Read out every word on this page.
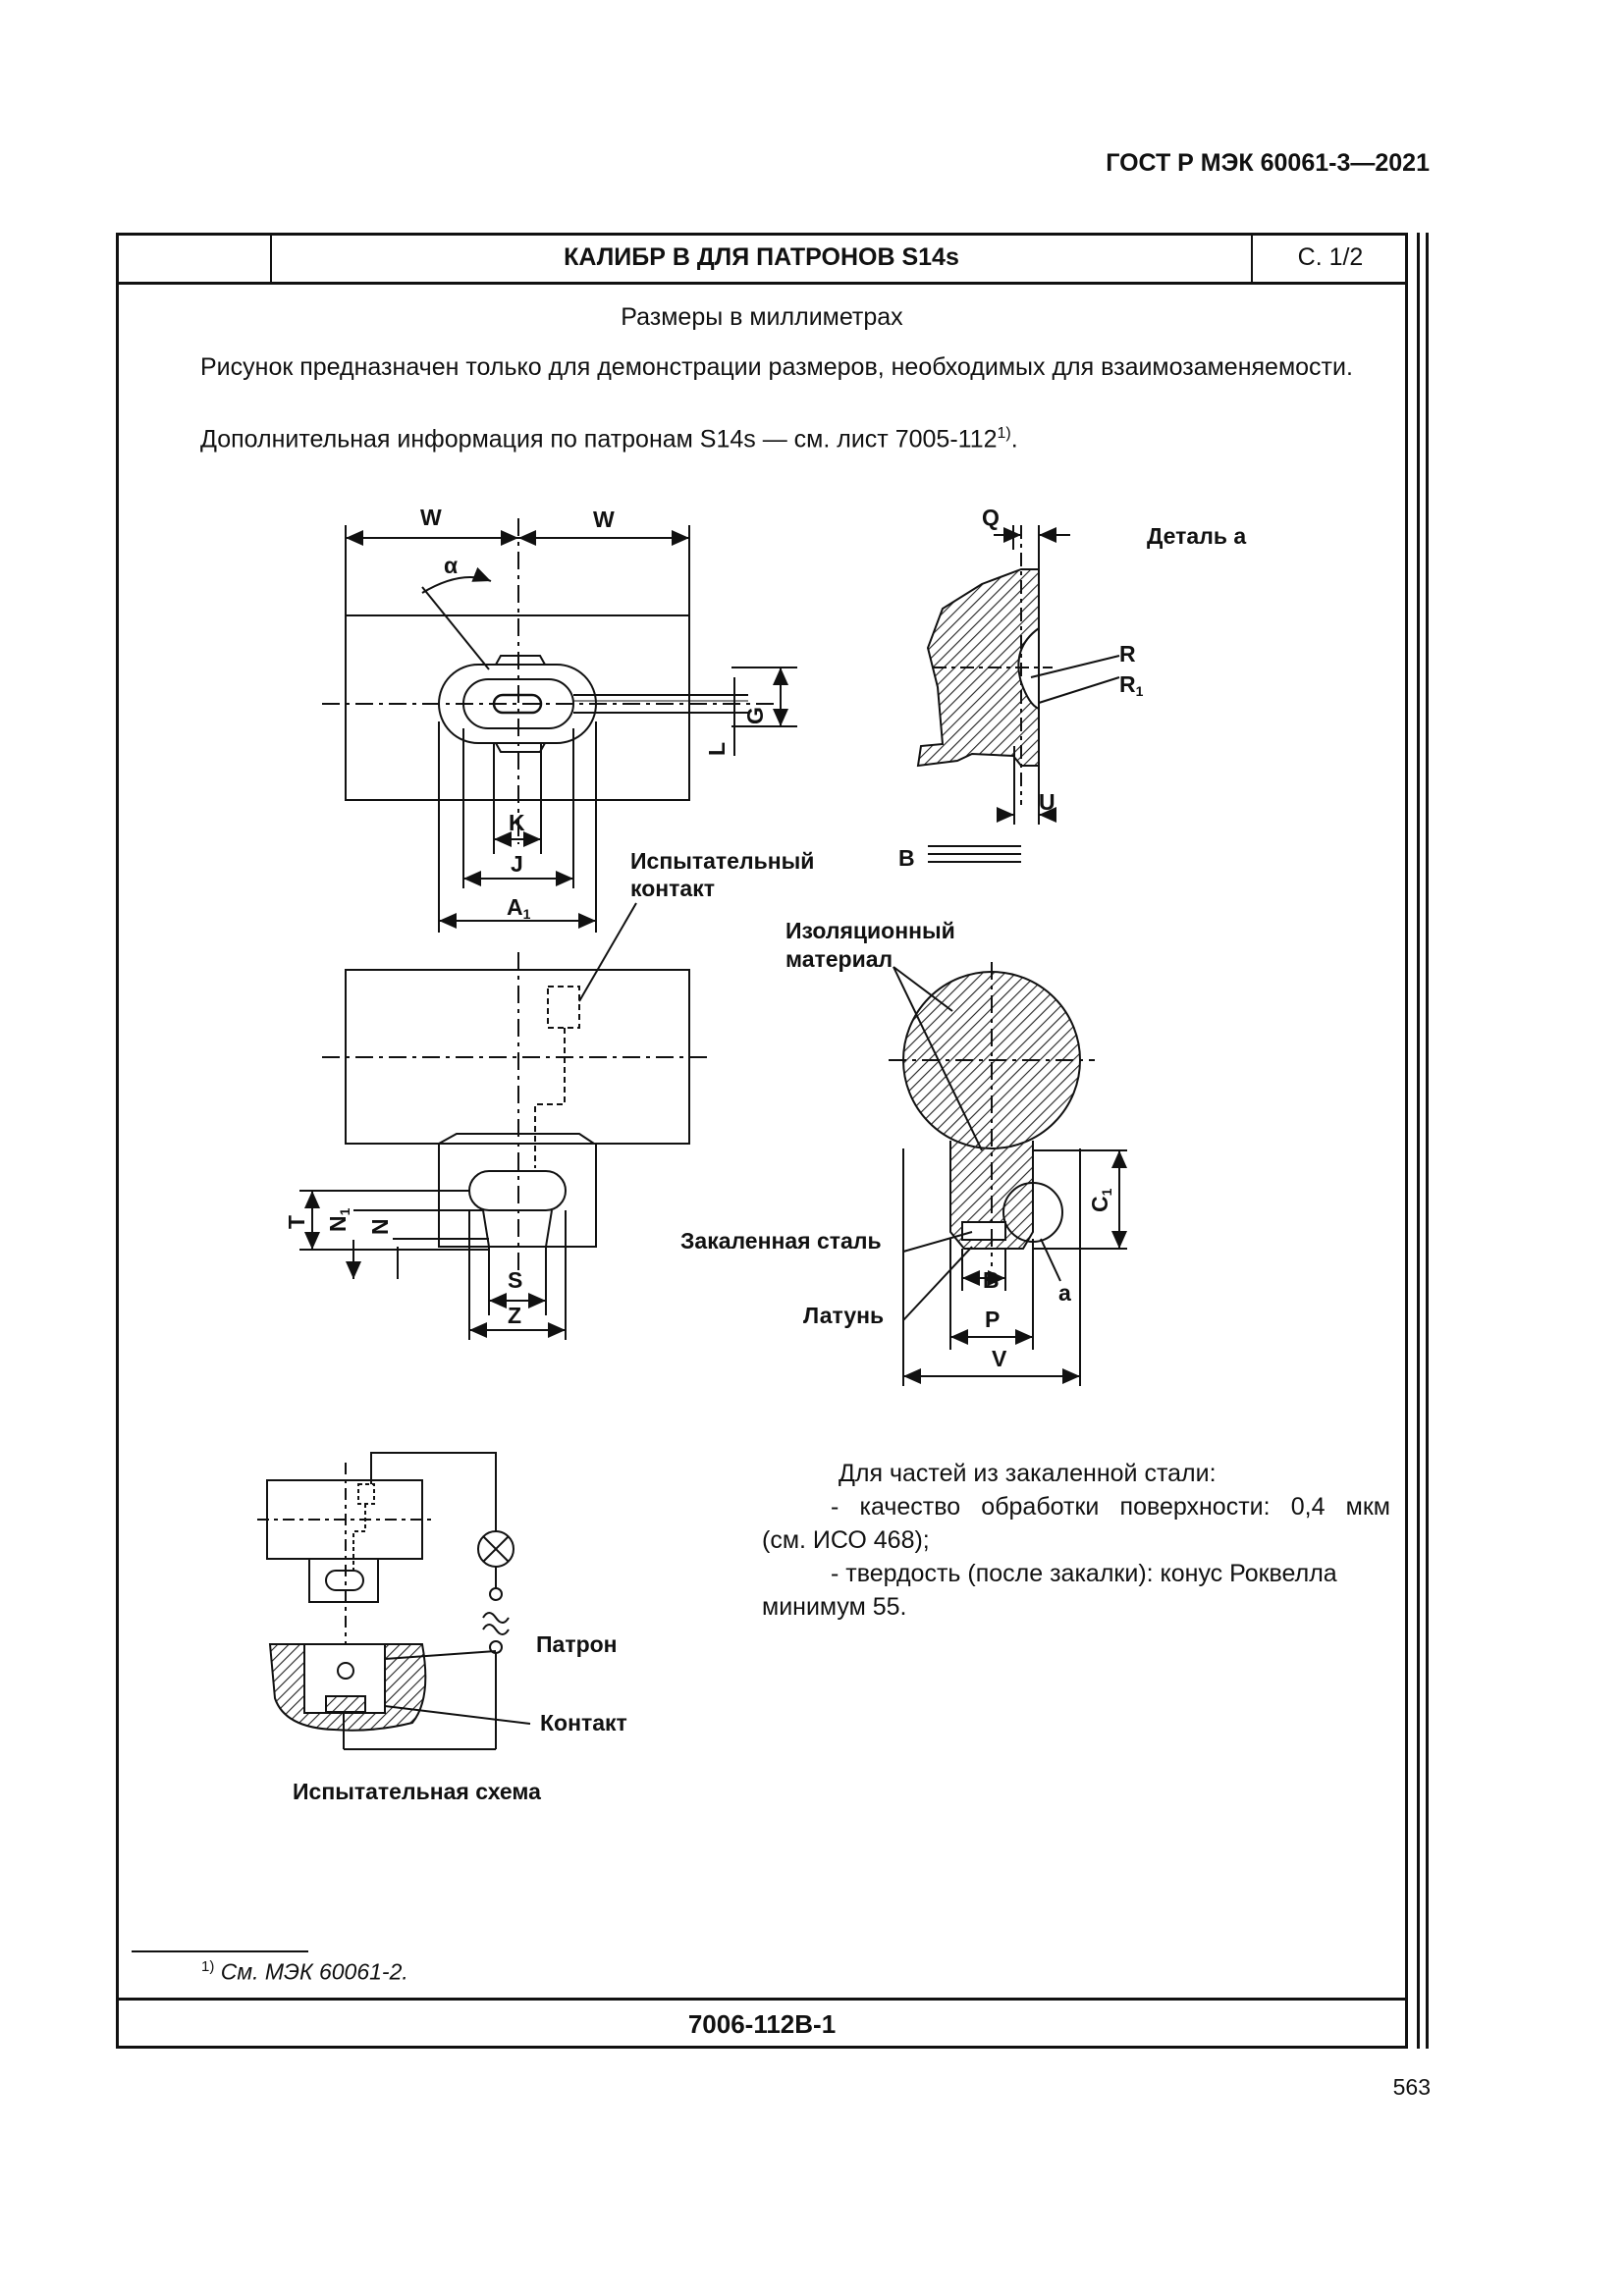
ГОСТ Р МЭК 60061-3—2021
КАЛИБР В ДЛЯ ПАТРОНОВ S14s	С. 1/2
7006-112В-1
Размеры в миллиметрах
Рисунок предназначен только для демонстрации размеров, необходимых для взаимозаменяемости.
Дополнительная информация по патронам S14s — см. лист 7005-112$^{1)}$.
W	W
α
G
L
K
J
A1
Q
Деталь а
R
R1
U
B
Испытательный
контакт
Изоляционный
материал
Закаленная сталь
Латунь
T N1
N
S
Z
C1
a
B
P
V
Патрон
Контакт
Испытательная схема
Для частей из закаленной стали:
- качество обработки поверхности: 0,4 мкм
(см. ИСО 468);
- твердость (после закалки): конус Роквелла
минимум 55.
$^{1)}$ См. МЭК 60061-2.
563
